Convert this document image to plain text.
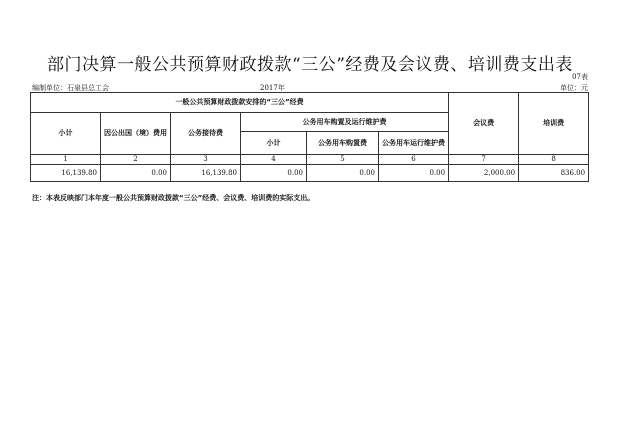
部门决算一般公共预算财政拨款“三公”经费及会议费、培训费支出表
07表
编制单位：石泉县总工会	2017年	单位：元
一般公共预算财政拨款安排的“三公”经费						会议费	培训费
小计	因公出国（境）费用	公务接待费	公务用车购置及运行维护费				
			小计	公务用车购置费	公务用车运行维护费		
1	2	3	4	5	6	7	8
16,139.80	0.00	16,139.80	0.00	0.00	0.00	2,000.00	836.00
注：本表反映部门本年度一般公共预算财政拨款“三公”经费、会议费、培训费的实际支出。
